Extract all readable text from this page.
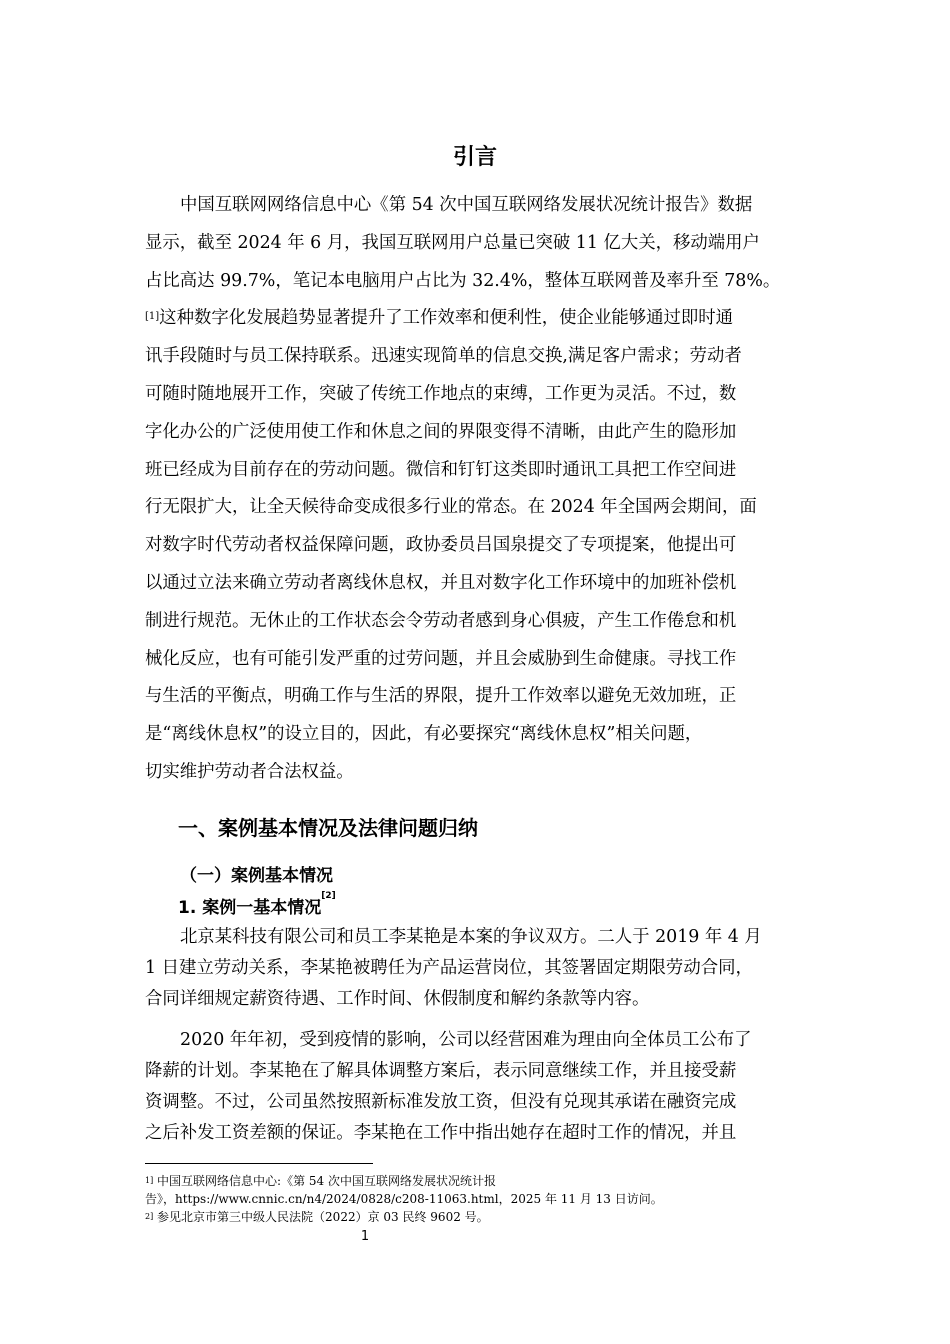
引言
中国互联网网络信息中心《第 54 次中国互联网络发展状况统计报告》数据
显示，截至 2024 年 6 月，我国互联网用户总量已突破 11 亿大关，移动端用户
占比高达 99.7%，笔记本电脑用户占比为 32.4%，整体互联网普及率升至 78%。
[1]这种数字化发展趋势显著提升了工作效率和便利性，使企业能够通过即时通
讯手段随时与员工保持联系。迅速实现简单的信息交换,满足客户需求；劳动者
可随时随地展开工作，突破了传统工作地点的束缚，工作更为灵活。不过，数
字化办公的广泛使用使工作和休息之间的界限变得不清晰，由此产生的隐形加
班已经成为目前存在的劳动问题。微信和钉钉这类即时通讯工具把工作空间进
行无限扩大，让全天候待命变成很多行业的常态。在 2024 年全国两会期间，面
对数字时代劳动者权益保障问题，政协委员吕国泉提交了专项提案，他提出可
以通过立法来确立劳动者离线休息权，并且对数字化工作环境中的加班补偿机
制进行规范。无休止的工作状态会令劳动者感到身心俱疲，产生工作倦怠和机
械化反应，也有可能引发严重的过劳问题，并且会威胁到生命健康。寻找工作
与生活的平衡点，明确工作与生活的界限，提升工作效率以避免无效加班，正
是“离线休息权”的设立目的，因此，有必要探究“离线休息权”相关问题，
切实维护劳动者合法权益。
一、案例基本情况及法律问题归纳
（一）案例基本情况
1. 案例一基本情况[2]
北京某科技有限公司和员工李某艳是本案的争议双方。二人于 2019 年 4 月
1 日建立劳动关系，李某艳被聘任为产品运营岗位，其签署固定期限劳动合同，
合同详细规定薪资待遇、工作时间、休假制度和解约条款等内容。
2020 年年初，受到疫情的影响，公司以经营困难为理由向全体员工公布了
降薪的计划。李某艳在了解具体调整方案后，表示同意继续工作，并且接受薪
资调整。不过，公司虽然按照新标准发放工资，但没有兑现其承诺在融资完成
之后补发工资差额的保证。李某艳在工作中指出她存在超时工作的情况，并且
$^{1]}$ 中国互联网络信息中心:《第 54 次中国互联网络发展状况统计报
告》，https://www.cnnic.cn/n4/2024/0828/c208-11063.html，2025 年 11 月 13 日访问。
$^{2]}$ 参见北京市第三中级人民法院（2022）京 03 民终 9602 号。
1
